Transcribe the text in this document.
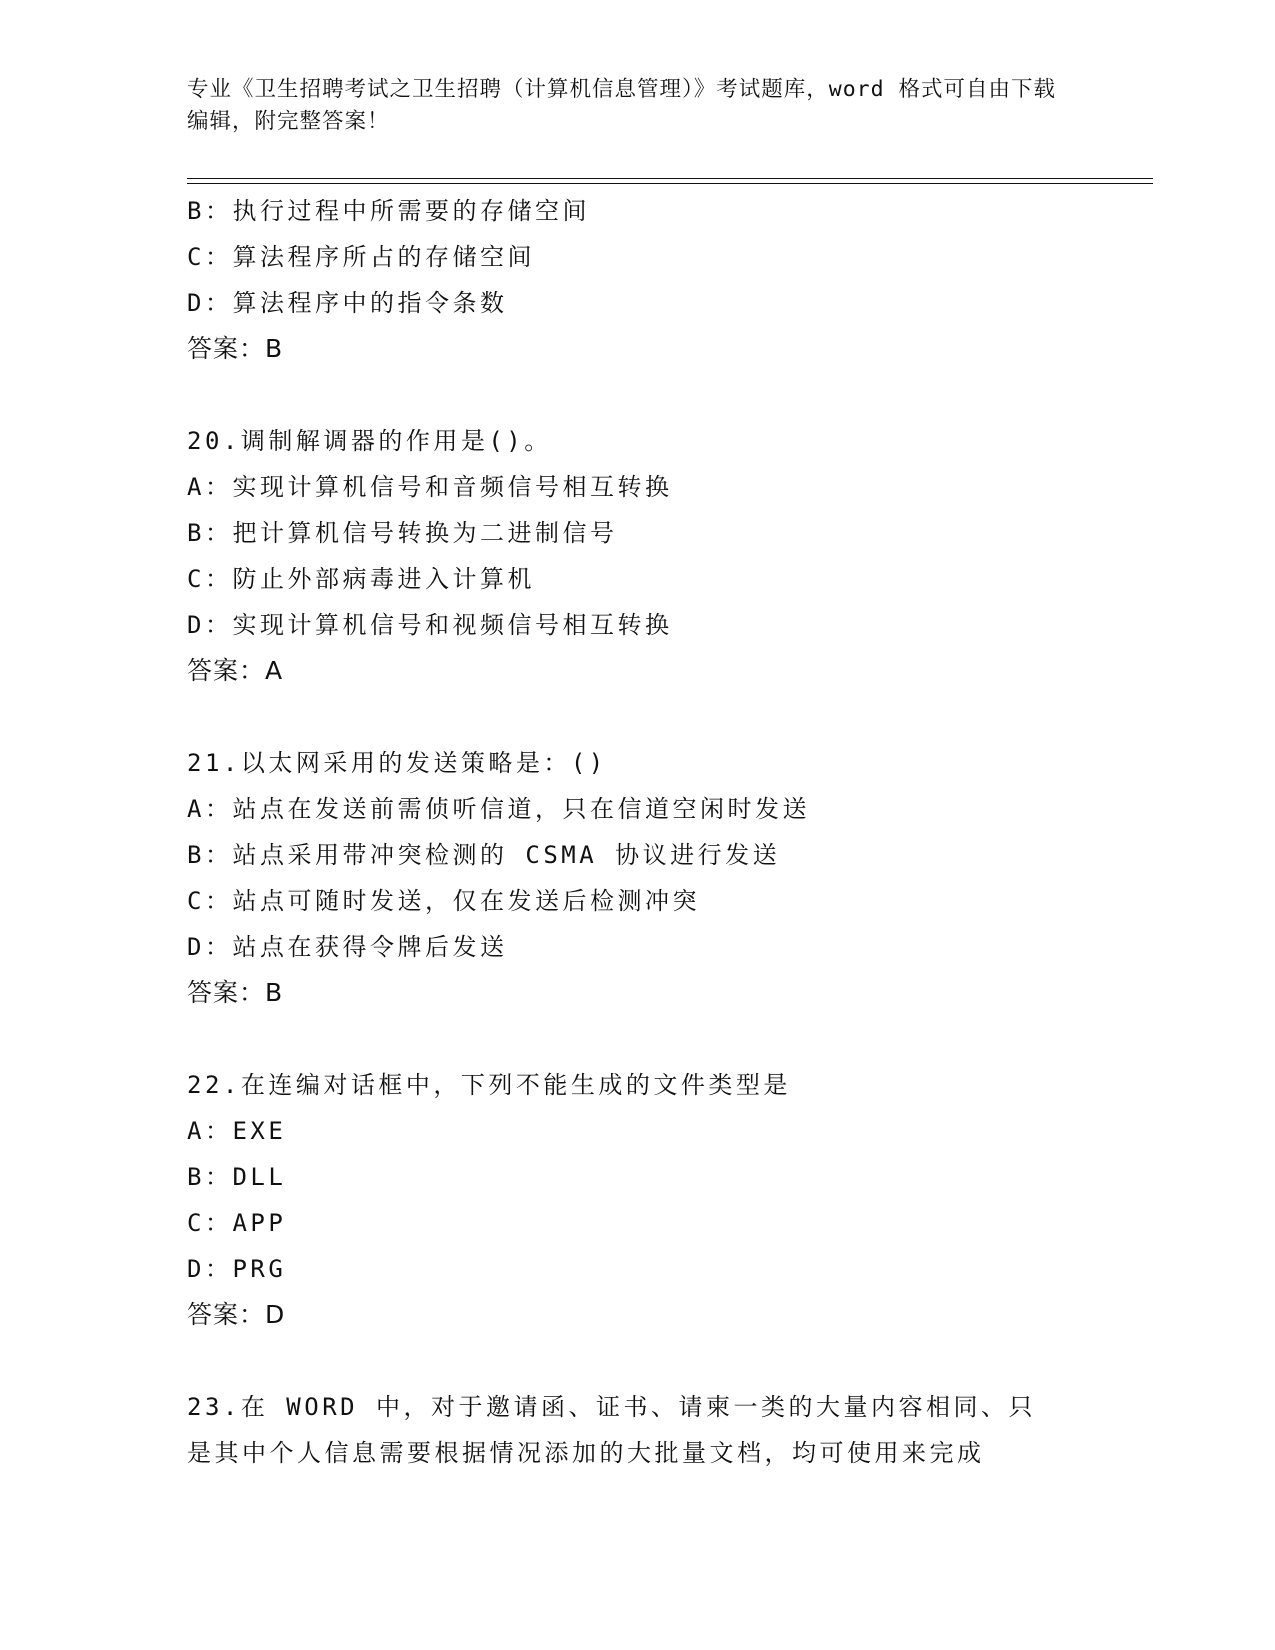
专业《卫生招聘考试之卫生招聘（计算机信息管理）》考试题库，word 格式可自由下载编辑，附完整答案！
B：执行过程中所需要的存储空间
C：算法程序所占的存储空间
D：算法程序中的指令条数
答案：B
20.调制解调器的作用是()。
A：实现计算机信号和音频信号相互转换
B：把计算机信号转换为二进制信号
C：防止外部病毒进入计算机
D：实现计算机信号和视频信号相互转换
答案：A
21.以太网采用的发送策略是：()
A：站点在发送前需侦听信道，只在信道空闲时发送
B：站点采用带冲突检测的 CSMA 协议进行发送
C：站点可随时发送，仅在发送后检测冲突
D：站点在获得令牌后发送
答案：B
22.在连编对话框中，下列不能生成的文件类型是
A：EXE
B：DLL
C：APP
D：PRG
答案：D
23.在 WORD 中，对于邀请函、证书、请柬一类的大量内容相同、只是其中个人信息需要根据情况添加的大批量文档，均可使用来完成
